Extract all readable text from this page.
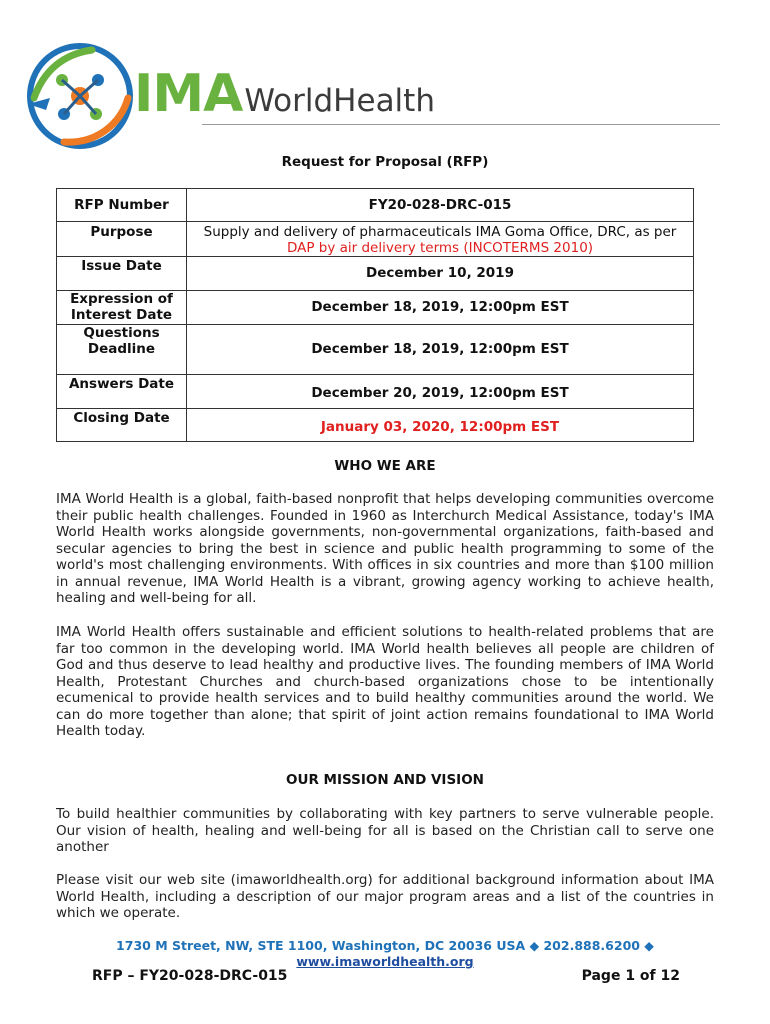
IMAWorldHealth
Request for Proposal (RFP)
RFP Number	FY20-028-DRC-015
Purpose	Supply and delivery of pharmaceuticals IMA Goma Office, DRC, as per
DAP by air delivery terms (INCOTERMS 2010)

Issue Date	December 10, 2019

Expression of
Interest Date	December 18, 2019, 12:00pm EST

Questions
Deadline	December 18, 2019, 12:00pm EST
Answers Date	December 20, 2019, 12:00pm EST
Closing Date	January 03, 2020, 12:00pm EST
WHO WE ARE
IMA World Health is a global, faith-based nonprofit that helps developing communities overcome their public health challenges. Founded in 1960 as Interchurch Medical Assistance, today's IMA World Health works alongside governments, non-governmental organizations, faith-based and secular agencies to bring the best in science and public health programming to some of the world's most challenging environments. With offices in six countries and more than $100 million in annual revenue, IMA World Health is a vibrant, growing agency working to achieve health, healing and well-being for all.
IMA World Health offers sustainable and efficient solutions to health-related problems that are far too common in the developing world. IMA World health believes all people are children of God and thus deserve to lead healthy and productive lives. The founding members of IMA World Health, Protestant Churches and church-based organizations chose to be intentionally ecumenical to provide health services and to build healthy communities around the world. We can do more together than alone; that spirit of joint action remains foundational to IMA World Health today.
OUR MISSION AND VISION
To build healthier communities by collaborating with key partners to serve vulnerable people. Our vision of health, healing and well-being for all is based on the Christian call to serve one another
Please visit our web site (imaworldhealth.org) for additional background information about IMA World Health, including a description of our major program areas and a list of the countries in which we operate.
1730 M Street, NW, STE 1100, Washington, DC 20036 USA ◆ 202.888.6200 ◆
www.imaworldhealth.org
RFP – FY20-028-DRC-015	Page 1 of 12
